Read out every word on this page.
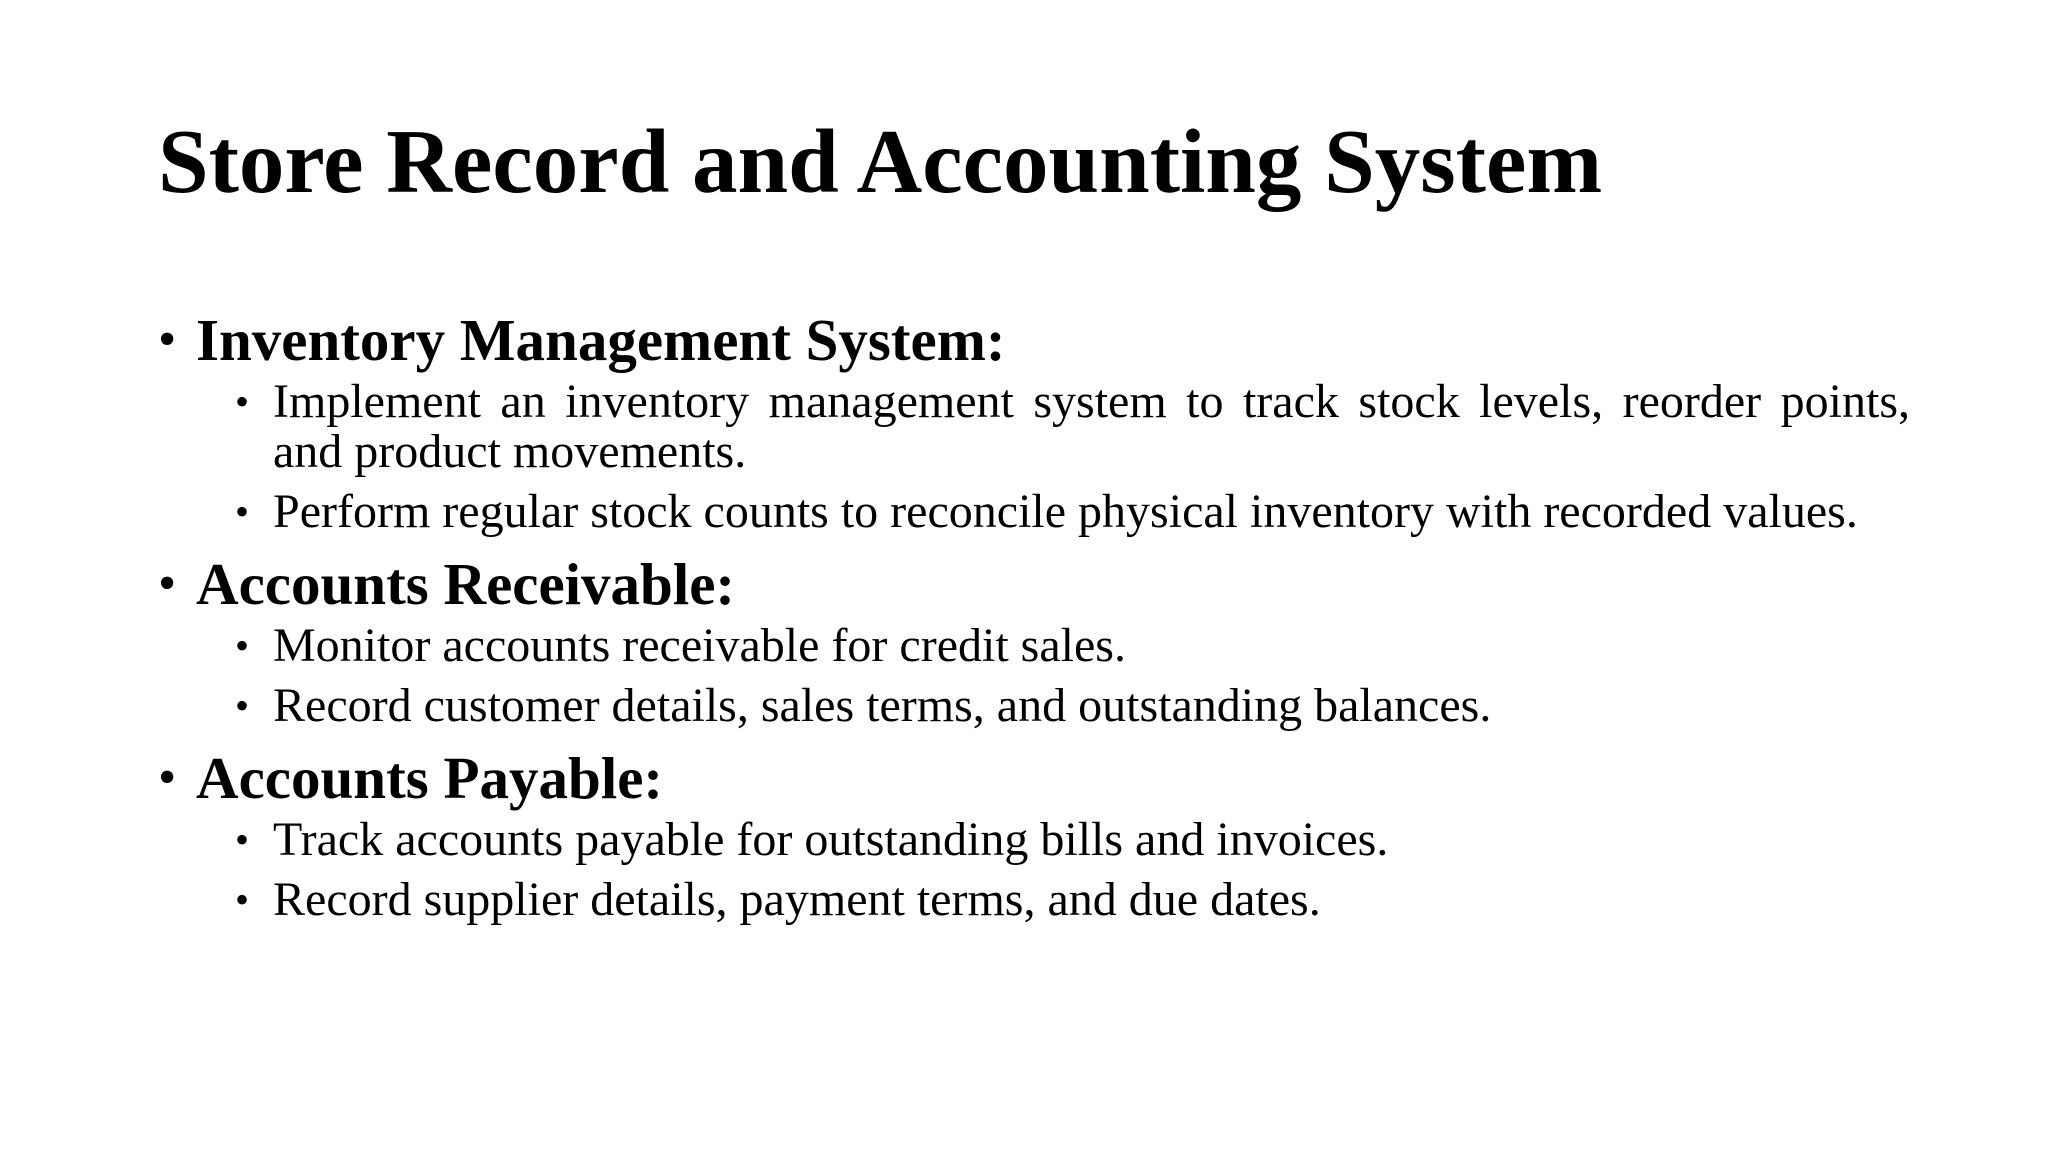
Store Record and Accounting System
• Inventory Management System:
• Implement an inventory management system to track stock levels, reorder points, and product movements.
• Perform regular stock counts to reconcile physical inventory with recorded values.
• Accounts Receivable:
• Monitor accounts receivable for credit sales.
• Record customer details, sales terms, and outstanding balances.
• Accounts Payable:
• Track accounts payable for outstanding bills and invoices.
• Record supplier details, payment terms, and due dates.
